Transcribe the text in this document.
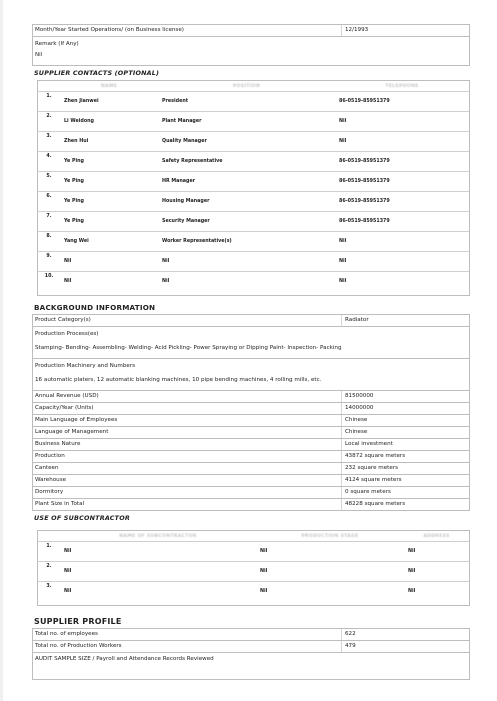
Month/Year Started Operations/ (on Business license)	12/1993
Remark (If Any)
Nil
SUPPLIER CONTACTS (OPTIONAL)
	NAME	POSITION	TELEPHONE
1.	Zhen Jianwei	President	86-0519-85951379
2.	Li Weidong	Plant Manager	Nil
3.	Zhen Hui	Quality Manager	Nil
4.	Ye Ping	Safety Representative	86-0519-85951379
5.	Ye Ping	HR Manager	86-0519-85951379
6.	Ye Ping	Housing Manager	86-0519-85951379
7.	Ye Ping	Security Manager	86-0519-85951379
8.	Yang Wei	Worker Representative(s)	Nil
9.	Nil	Nil	Nil
10.	Nil	Nil	Nil
BACKGROUND INFORMATION
Product Category(s)	Radiator
Production Process(es)
Stamping- Bending- Assembling- Welding- Acid Pickling- Power Spraying or Dipping Paint- Inspection- Packing
Production Machinery and Numbers
16 automatic platers, 12 automatic blanking machines, 10 pipe bending machines, 4 rolling mills, etc.
Annual Revenue (USD)	81500000
Capacity/Year (Units)	14000000
Main Language of Employees	Chinese
Language of Management	Chinese
Business Nature	Local investment
Production	43872 square meters
Canteen	232 square meters
Warehouse	4124 square meters
Dormitory	0 square meters
Plant Size in Total	48228 square meters
USE OF SUBCONTRACTOR
	NAME OF SUBCONTRACTOR	PRODUCTION STAGE	ADDRESS
1.	Nil	Nil	Nil
2.	Nil	Nil	Nil
3.	Nil	Nil	Nil
SUPPLIER PROFILE
Total no. of employees	622
Total no. of Production Workers	479
AUDIT SAMPLE SIZE / Payroll and Attendance Records Reviewed
